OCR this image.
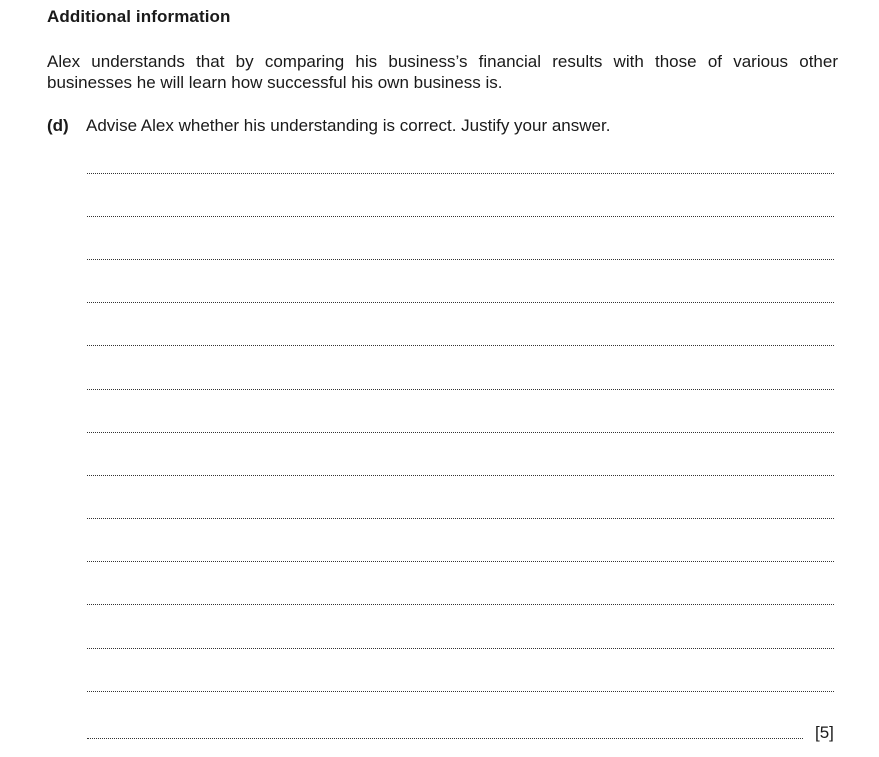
Additional information
Alex understands that by comparing his business’s financial results with those of various other businesses he will learn how successful his own business is.
(d)	Advise Alex whether his understanding is correct. Justify your answer.
[5]
